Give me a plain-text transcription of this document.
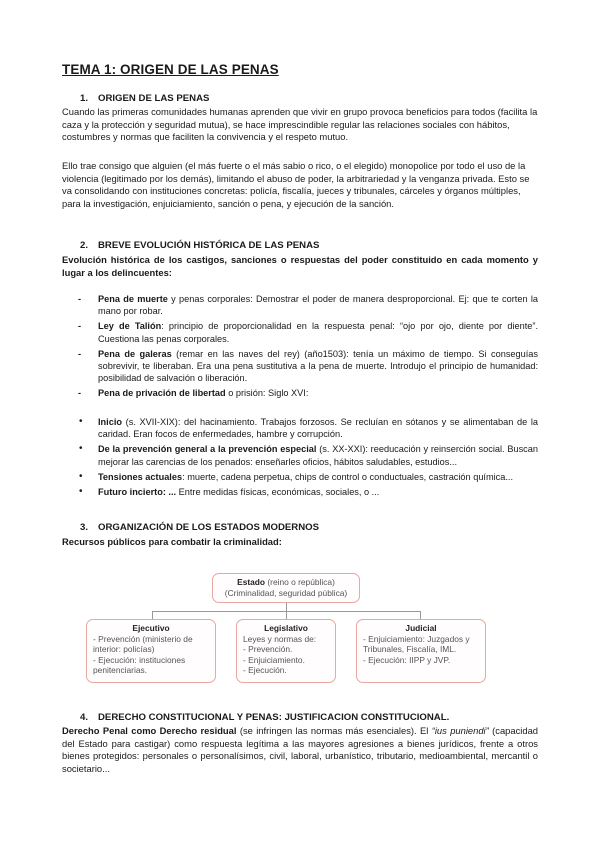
TEMA 1: ORIGEN DE LAS PENAS
1. ORIGEN DE LAS PENAS
Cuando las primeras comunidades humanas aprenden que vivir en grupo provoca beneficios para todos (facilita la caza y la protección y seguridad mutua), se hace imprescindible regular las relaciones sociales con hábitos, costumbres y normas que faciliten la convivencia y el respeto mutuo.
Ello trae consigo que alguien (el más fuerte o el más sabio o rico, o el elegido) monopolice por todo el uso de la violencia (legitimado por los demás), limitando el abuso de poder, la arbitrariedad y la venganza privada. Esto se va consolidando con instituciones concretas: policía, fiscalía, jueces y tribunales, cárceles y órganos múltiples, para la investigación, enjuiciamiento, sanción o pena, y ejecución de la sanción.
2. BREVE EVOLUCIÓN HISTÓRICA DE LAS PENAS
Evolución histórica de los castigos, sanciones o respuestas del poder constituido en cada momento y lugar a los delincuentes:
- Pena de muerte y penas corporales: Demostrar el poder de manera desproporcional. Ej: que te corten la mano por robar.
- Ley de Talión: principio de proporcionalidad en la respuesta penal: “ojo por ojo, diente por diente”. Cuestiona las penas corporales.
- Pena de galeras (remar en las naves del rey) (año1503): tenía un máximo de tiempo. Si conseguías sobrevivir, te liberaban. Era una pena sustitutiva a la pena de muerte. Introdujo el principio de humanidad: posibilidad de salvación o liberación.
- Pena de privación de libertad o prisión: Siglo XVI:
• Inicio (s. XVII-XIX): del hacinamiento. Trabajos forzosos. Se recluían en sótanos y se alimentaban de la caridad. Eran focos de enfermedades, hambre y corrupción.
• De la prevención general a la prevención especial (s. XX-XXI): reeducación y reinserción social. Buscan mejorar las carencias de los penados: enseñarles oficios, hábitos saludables, estudios...
• Tensiones actuales: muerte, cadena perpetua, chips de control o conductuales, castración química...
• Futuro incierto: ... Entre medidas físicas, económicas, sociales, o ...
3. ORGANIZACIÓN DE LOS ESTADOS MODERNOS
Recursos públicos para combatir la criminalidad:
Estado (reino o república)
(Criminalidad, seguridad pública)
Ejecutivo
- Prevención (ministerio de interior: policías)
- Ejecución: instituciones penitenciarias.
Legislativo
Leyes y normas de:
- Prevención.
- Enjuiciamiento.
- Ejecución.
Judicial
- Enjuiciamiento: Juzgados y Tribunales, Fiscalía, IML.
- Ejecución: IIPP y JVP.
4. DERECHO CONSTITUCIONAL Y PENAS: JUSTIFICACION CONSTITUCIONAL.
Derecho Penal como Derecho residual (se infringen las normas más esenciales). El “ius puniendi” (capacidad del Estado para castigar) como respuesta legítima a las mayores agresiones a bienes jurídicos, frente a otros bienes protegidos: personales o personalísimos, civil, laboral, urbanístico, tributario, medioambiental, mercantil o societario...
